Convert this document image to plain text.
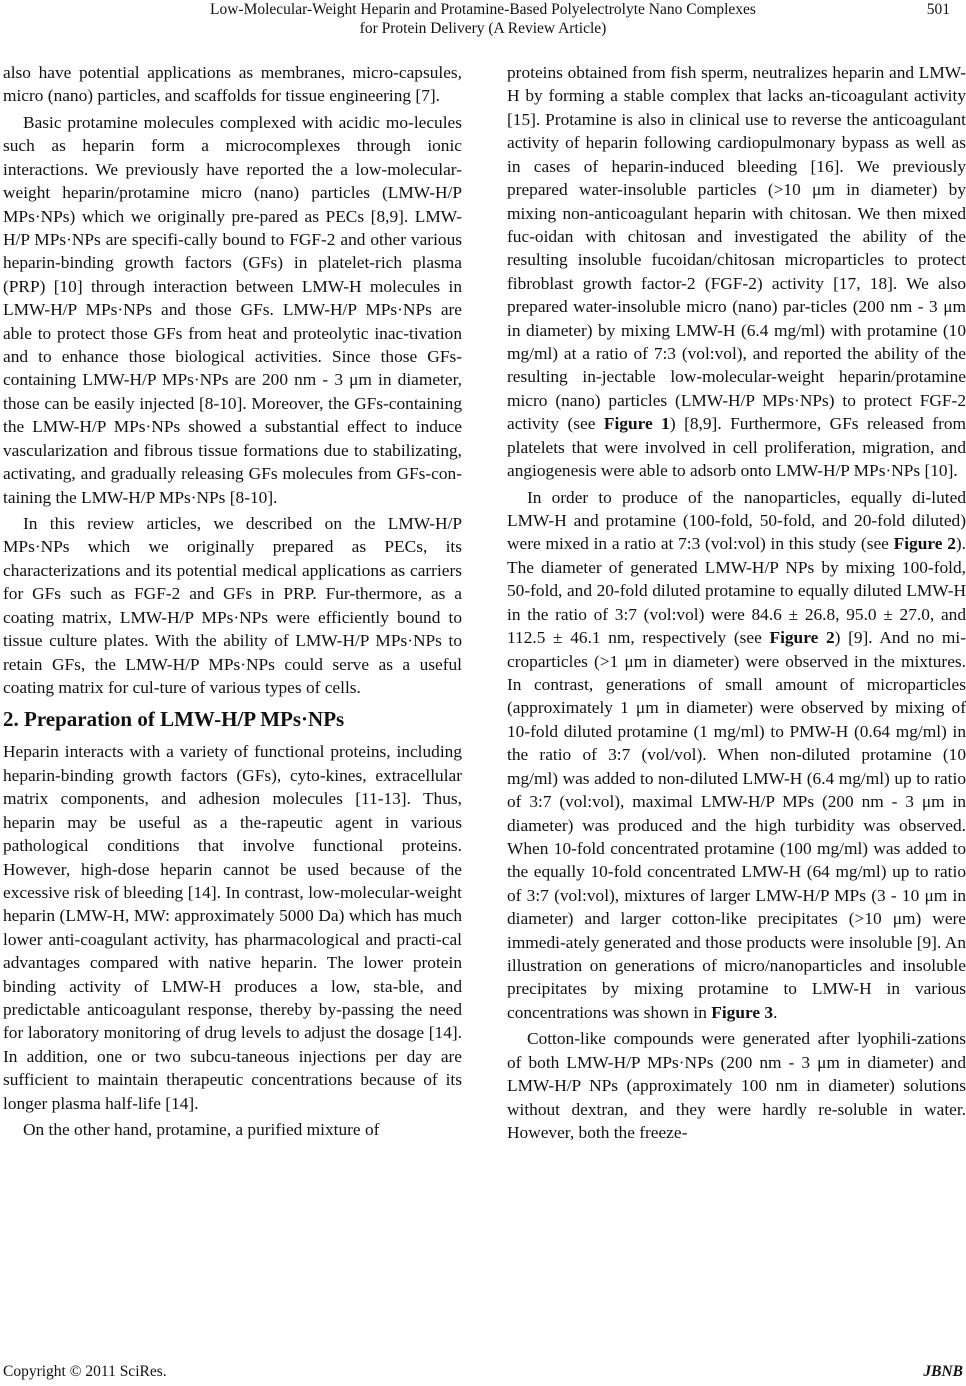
Low-Molecular-Weight Heparin and Protamine-Based Polyelectrolyte Nano Complexes
for Protein Delivery (A Review Article)
501

also have potential applications as membranes, micro-capsules, micro (nano) particles, and scaffolds for tissue engineering [7].

Basic protamine molecules complexed with acidic mo-lecules such as heparin form a microcomplexes through ionic interactions. We previously have reported the a low-molecular-weight heparin/protamine micro (nano) particles (LMW-H/P MPs·NPs) which we originally pre-pared as PECs [8,9]. LMW-H/P MPs·NPs are specifi-cally bound to FGF-2 and other various heparin-binding growth factors (GFs) in platelet-rich plasma (PRP) [10] through interaction between LMW-H molecules in LMW-H/P MPs·NPs and those GFs. LMW-H/P MPs·NPs are able to protect those GFs from heat and proteolytic inac-tivation and to enhance those biological activities. Since those GFs-containing LMW-H/P MPs·NPs are 200 nm - 3 μm in diameter, those can be easily injected [8-10]. Moreover, the GFs-containing the LMW-H/P MPs·NPs showed a substantial effect to induce vascularization and fibrous tissue formations due to stabilizating, activating, and gradually releasing GFs molecules from GFs-con-taining the LMW-H/P MPs·NPs [8-10].

In this review articles, we described on the LMW-H/P MPs·NPs which we originally prepared as PECs, its characterizations and its potential medical applications as carriers for GFs such as FGF-2 and GFs in PRP. Fur-thermore, as a coating matrix, LMW-H/P MPs·NPs were efficiently bound to tissue culture plates. With the ability of LMW-H/P MPs·NPs to retain GFs, the LMW-H/P MPs·NPs could serve as a useful coating matrix for cul-ture of various types of cells.

2. Preparation of LMW-H/P MPs·NPs

Heparin interacts with a variety of functional proteins, including heparin-binding growth factors (GFs), cyto-kines, extracellular matrix components, and adhesion molecules [11-13]. Thus, heparin may be useful as a the-rapeutic agent in various pathological conditions that involve functional proteins. However, high-dose heparin cannot be used because of the excessive risk of bleeding [14]. In contrast, low-molecular-weight heparin (LMW-H, MW: approximately 5000 Da) which has much lower anti-coagulant activity, has pharmacological and practi-cal advantages compared with native heparin. The lower protein binding activity of LMW-H produces a low, sta-ble, and predictable anticoagulant response, thereby by-passing the need for laboratory monitoring of drug levels to adjust the dosage [14]. In addition, one or two subcu-taneous injections per day are sufficient to maintain therapeutic concentrations because of its longer plasma half-life [14].

On the other hand, protamine, a purified mixture of

proteins obtained from fish sperm, neutralizes heparin and LMW-H by forming a stable complex that lacks an-ticoagulant activity [15]. Protamine is also in clinical use to reverse the anticoagulant activity of heparin following cardiopulmonary bypass as well as in cases of heparin-induced bleeding [16]. We previously prepared water-insoluble particles (>10 μm in diameter) by mixing non-anticoagulant heparin with chitosan. We then mixed fuc-oidan with chitosan and investigated the ability of the resulting insoluble fucoidan/chitosan microparticles to protect fibroblast growth factor-2 (FGF-2) activity [17, 18]. We also prepared water-insoluble micro (nano) par-ticles (200 nm - 3 μm in diameter) by mixing LMW-H (6.4 mg/ml) with protamine (10 mg/ml) at a ratio of 7:3 (vol:vol), and reported the ability of the resulting in-jectable low-molecular-weight heparin/protamine micro (nano) particles (LMW-H/P MPs·NPs) to protect FGF-2 activity (see Figure 1) [8,9]. Furthermore, GFs released from platelets that were involved in cell proliferation, migration, and angiogenesis were able to adsorb onto LMW-H/P MPs·NPs [10].

In order to produce of the nanoparticles, equally di-luted LMW-H and protamine (100-fold, 50-fold, and 20-fold diluted) were mixed in a ratio at 7:3 (vol:vol) in this study (see Figure 2). The diameter of generated LMW-H/P NPs by mixing 100-fold, 50-fold, and 20-fold diluted protamine to equally diluted LMW-H in the ratio of 3:7 (vol:vol) were 84.6 ± 26.8, 95.0 ± 27.0, and 112.5 ± 46.1 nm, respectively (see Figure 2) [9]. And no mi-croparticles (>1 μm in diameter) were observed in the mixtures. In contrast, generations of small amount of microparticles (approximately 1 μm in diameter) were observed by mixing of 10-fold diluted protamine (1 mg/ml) to PMW-H (0.64 mg/ml) in the ratio of 3:7 (vol/vol). When non-diluted protamine (10 mg/ml) was added to non-diluted LMW-H (6.4 mg/ml) up to ratio of 3:7 (vol:vol), maximal LMW-H/P MPs (200 nm - 3 μm in diameter) was produced and the high turbidity was observed. When 10-fold concentrated protamine (100 mg/ml) was added to the equally 10-fold concentrated LMW-H (64 mg/ml) up to ratio of 3:7 (vol:vol), mixtures of larger LMW-H/P MPs (3 - 10 μm in diameter) and larger cotton-like precipitates (>10 μm) were immedi-ately generated and those products were insoluble [9]. An illustration on generations of micro/nanoparticles and insoluble precipitates by mixing protamine to LMW-H in various concentrations was shown in Figure 3.

Cotton-like compounds were generated after lyophili-zations of both LMW-H/P MPs·NPs (200 nm - 3 μm in diameter) and LMW-H/P NPs (approximately 100 nm in diameter) solutions without dextran, and they were hardly re-soluble in water. However, both the freeze-

Copyright © 2011 SciRes.	JBNB
